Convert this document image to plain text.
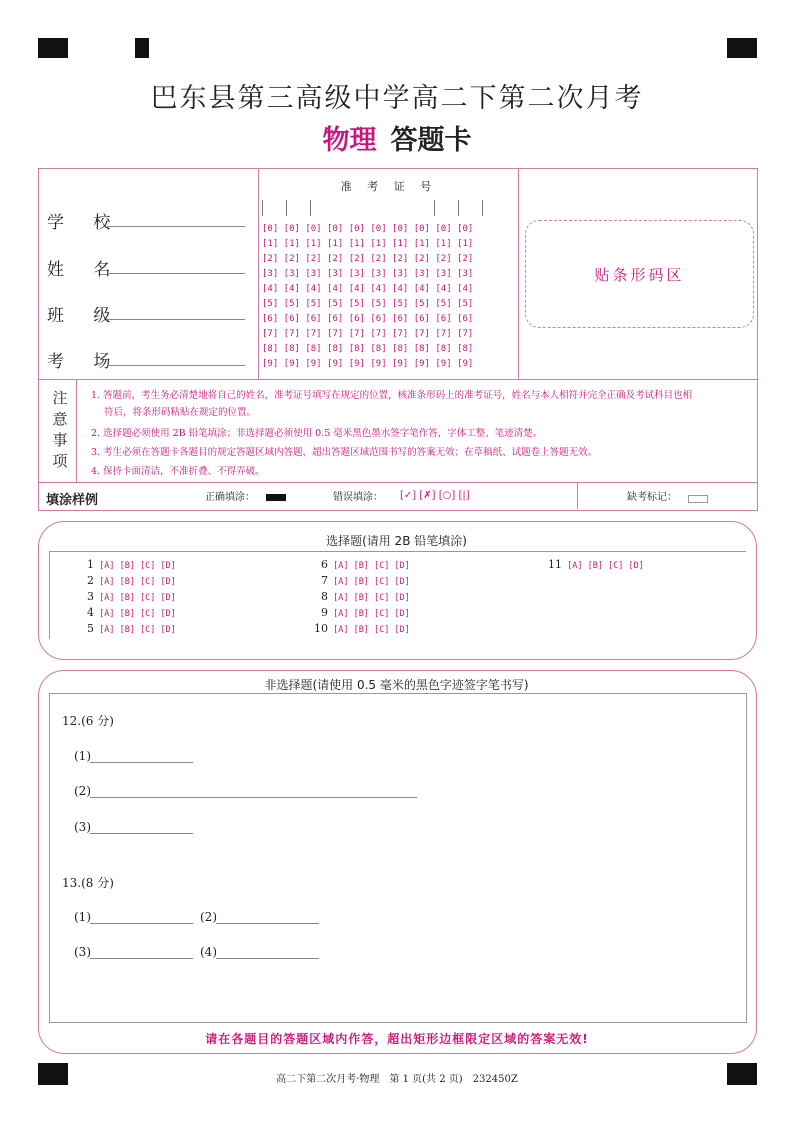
巴东县第三高级中学高二下第二次月考
物理 答题卡
学 校
姓 名
班 级
考 场
准 考 证 号
[0] [0] [0] [0] [0] [0] [0] [0] [0] [0]
[1] [1] [1] [1] [1] [1] [1] [1] [1] [1]
[2] [2] [2] [2] [2] [2] [2] [2] [2] [2]
[3] [3] [3] [3] [3] [3] [3] [3] [3] [3]
[4] [4] [4] [4] [4] [4] [4] [4] [4] [4]
[5] [5] [5] [5] [5] [5] [5] [5] [5] [5]
[6] [6] [6] [6] [6] [6] [6] [6] [6] [6]
[7] [7] [7] [7] [7] [7] [7] [7] [7] [7]
[8] [8] [8] [8] [8] [8] [8] [8] [8] [8]
[9] [9] [9] [9] [9] [9] [9] [9] [9] [9]
贴条形码区
注意事项
1. 答题前，考生务必清楚地将自己的姓名，准考证号填写在规定的位置，核准条形码上的准考证号，姓名与本人相符并完全正确及考试科目也相
符后，将条形码粘贴在规定的位置。
2. 选择题必须使用 2B 铅笔填涂；非选择题必须使用 0.5 毫米黑色墨水签字笔作答，字体工整、笔迹清楚。
3. 考生必须在答题卡各题目的规定答题区域内答题，超出答题区域范围书写的答案无效；在草稿纸、试题卷上答题无效。
4. 保持卡面清洁，不准折叠、不得弄破。
填涂样例	正确填涂：	错误填涂： [✓] [✗] [○] [|]	缺考标记：
选择题(请用 2B 铅笔填涂)
1 [A] [B] [C] [D]
2 [A] [B] [C] [D]
3 [A] [B] [C] [D]
4 [A] [B] [C] [D]
5 [A] [B] [C] [D]
6 [A] [B] [C] [D]
7 [A] [B] [C] [D]
8 [A] [B] [C] [D]
9 [A] [B] [C] [D]
10 [A] [B] [C] [D]
11 [A] [B] [C] [D]
非选择题(请使用 0.5 毫米的黑色字迹签字笔书写)
12.(6 分)
(1)
(2)
(3)
13.(8 分)
(1)	(2)
(3)	(4)
请在各题目的答题区域内作答，超出矩形边框限定区域的答案无效!
高二下第二次月考·物理　第 1 页(共 2 页)　232450Z
